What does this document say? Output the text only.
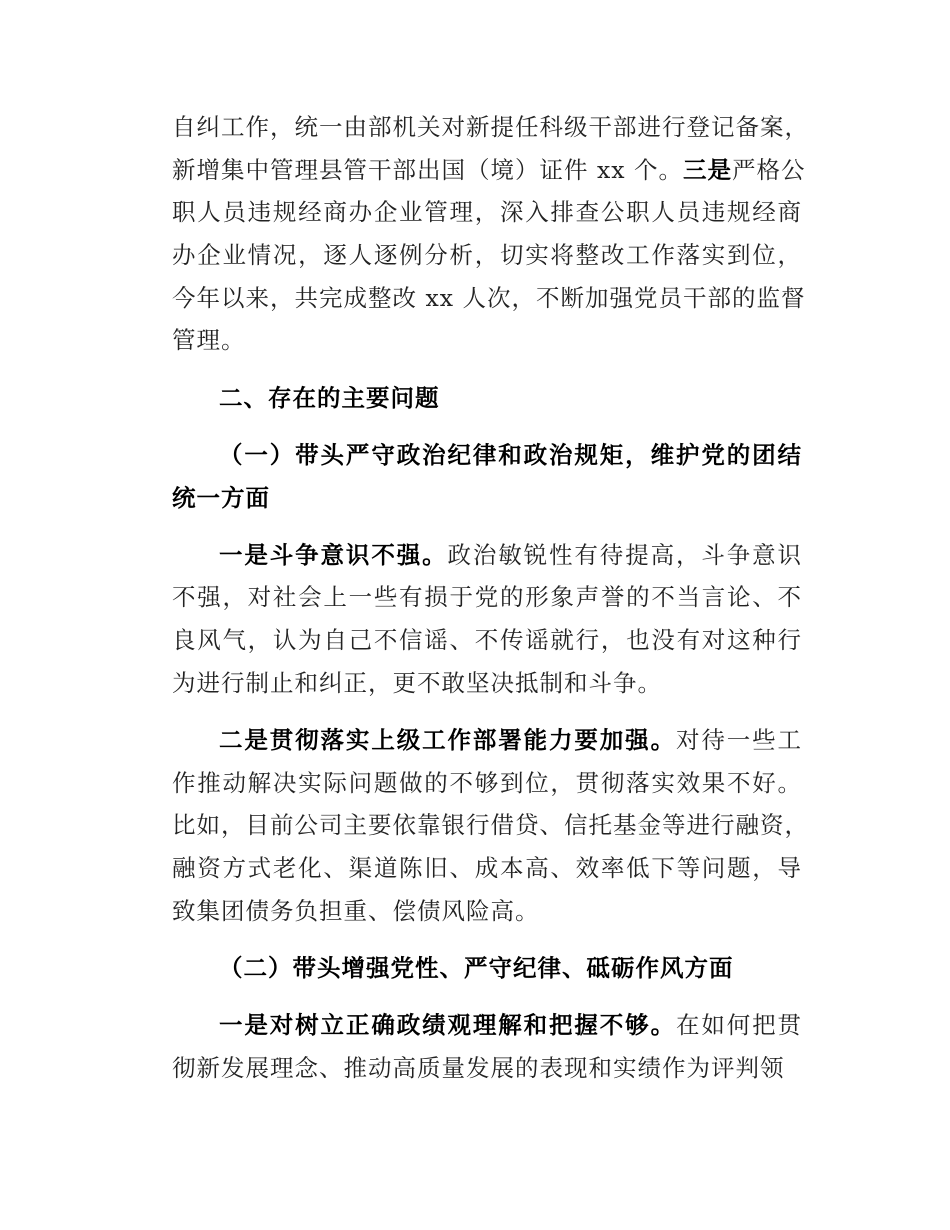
自纠工作，统一由部机关对新提任科级干部进行登记备案，
新增集中管理县管干部出国（境）证件 xx 个。三是严格公
职人员违规经商办企业管理，深入排查公职人员违规经商
办企业情况，逐人逐例分析，切实将整改工作落实到位，
今年以来，共完成整改 xx 人次，不断加强党员干部的监督
管理。
二、存在的主要问题
（一）带头严守政治纪律和政治规矩，维护党的团结
统一方面
一是斗争意识不强。政治敏锐性有待提高，斗争意识
不强，对社会上一些有损于党的形象声誉的不当言论、不
良风气，认为自己不信谣、不传谣就行，也没有对这种行
为进行制止和纠正，更不敢坚决抵制和斗争。
二是贯彻落实上级工作部署能力要加强。对待一些工
作推动解决实际问题做的不够到位，贯彻落实效果不好。
比如，目前公司主要依靠银行借贷、信托基金等进行融资，
融资方式老化、渠道陈旧、成本高、效率低下等问题，导
致集团债务负担重、偿债风险高。
（二）带头增强党性、严守纪律、砥砺作风方面
一是对树立正确政绩观理解和把握不够。在如何把贯
彻新发展理念、推动高质量发展的表现和实绩作为评判领
